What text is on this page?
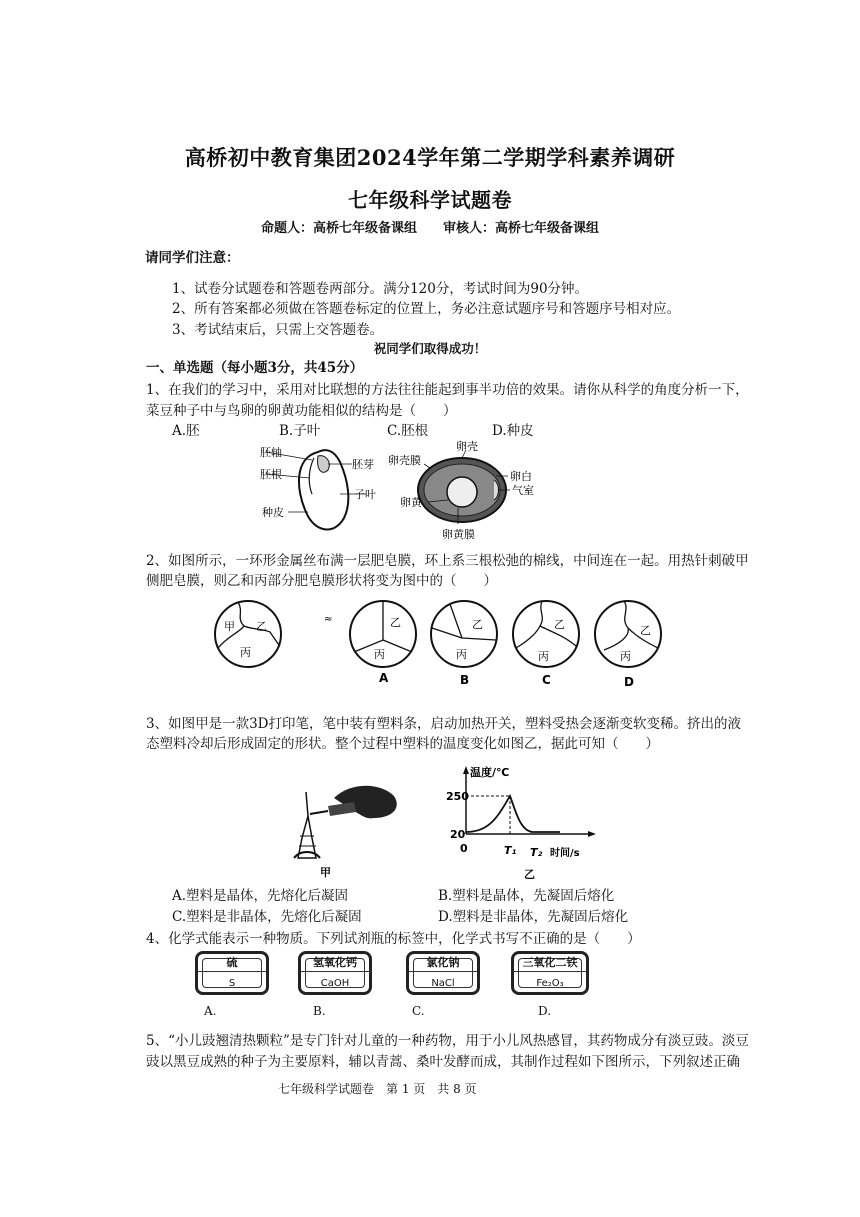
高桥初中教育集团2024学年第二学期学科素养调研
七年级科学试题卷
命题人：高桥七年级备课组　　审核人：高桥七年级备课组
请同学们注意：
1、试卷分试题卷和答题卷两部分。满分120分，考试时间为90分钟。
2、所有答案都必须做在答题卷标定的位置上，务必注意试题序号和答题序号相对应。
3、考试结束后，只需上交答题卷。
祝同学们取得成功！
一、单选题（每小题3分，共45分）
1、在我们的学习中，采用对比联想的方法往往能起到事半功倍的效果。请你从科学的角度分析一下，
菜豆种子中与鸟卵的卵黄功能相似的结构是（　　）
A.胚	B.子叶	C.胚根	D.种皮
胚轴
胚根
胚芽
子叶
种皮
卵壳
卵壳膜
卵白
气室
卵黄
卵黄膜
2、如图所示，一环形金属丝布满一层肥皂膜，环上系三根松弛的棉线，中间连在一起。用热针刺破甲
侧肥皂膜，则乙和丙部分肥皂膜形状将变为图中的（　　）
甲 乙
丙
≈	乙
丙
乙
丙
乙
丙
乙
丙
A	B	C	D
3、如图甲是一款3D打印笔，笔中装有塑料条，启动加热开关，塑料受热会逐渐变软变稀。挤出的液
态塑料冷却后形成固定的形状。整个过程中塑料的温度变化如图乙，据此可知（　　）
甲
温度/℃
250
20
0	T₁ T₂ 时间/s
乙
A.塑料是晶体，先熔化后凝固	B.塑料是晶体，先凝固后熔化
C.塑料是非晶体，先熔化后凝固	D.塑料是非晶体，先凝固后熔化
4、化学式能表示一种物质。下列试剂瓶的标签中，化学式书写不正确的是（　　）
硫
S
氢氧化钙
CaOH
氯化钠
NaCl
三氧化二铁
Fe₂O₃
A.	B.	C.	D.
5、“小儿豉翘清热颗粒”是专门针对儿童的一种药物，用于小儿风热感冒，其药物成分有淡豆豉。淡豆
豉以黑豆成熟的种子为主要原料，辅以青蒿、桑叶发酵而成，其制作过程如下图所示，下列叙述正确
七年级科学试题卷　第 1 页　共 8 页
